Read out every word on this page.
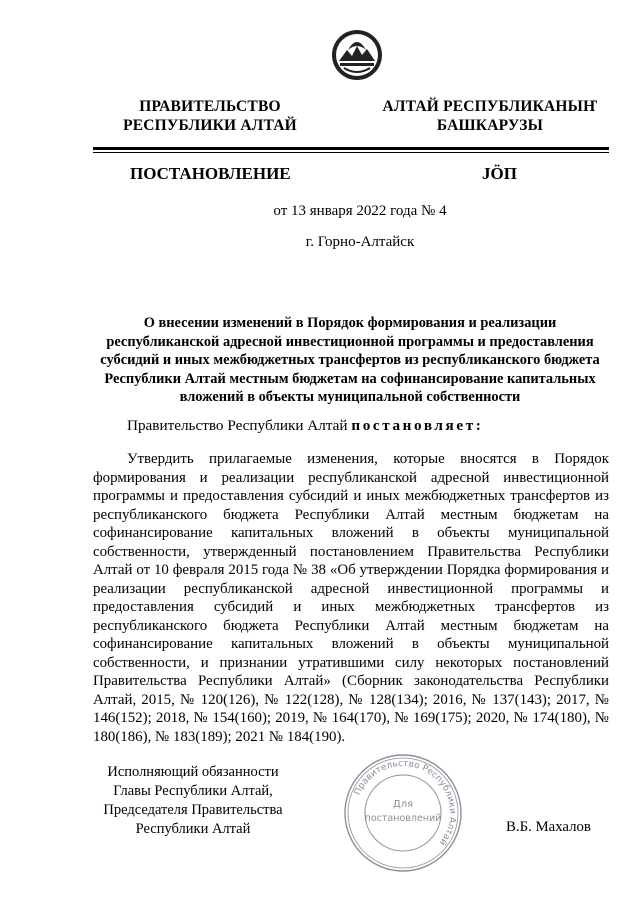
ПРАВИТЕЛЬСТВО
РЕСПУБЛИКИ АЛТАЙ
АЛТАЙ РЕСПУБЛИКАНЫҤ
БАШКАРУЗЫ
ПОСТАНОВЛЕНИЕ	JÖП
от 13 января 2022 года № 4
г. Горно-Алтайск
О внесении изменений в Порядок формирования и реализации республиканской адресной инвестиционной программы и предоставления субсидий и иных межбюджетных трансфертов из республиканского бюджета Республики Алтай местным бюджетам на софинансирование капитальных вложений в объекты муниципальной собственности
Правительство Республики Алтай постановляет:
Утвердить прилагаемые изменения, которые вносятся в Порядок формирования и реализации республиканской адресной инвестиционной программы и предоставления субсидий и иных межбюджетных трансфертов из республиканского бюджета Республики Алтай местным бюджетам на софинансирование капитальных вложений в объекты муниципальной собственности, утвержденный постановлением Правительства Республики Алтай от 10 февраля 2015 года № 38 «Об утверждении Порядка формирования и реализации республиканской адресной инвестиционной программы и предоставления субсидий и иных межбюджетных трансфертов из республиканского бюджета Республики Алтай местным бюджетам на софинансирование капитальных вложений в объекты муниципальной собственности, и признании утратившими силу некоторых постановлений Правительства Республики Алтай» (Сборник законодательства Республики Алтай, 2015, № 120(126), № 122(128), № 128(134); 2016, № 137(143); 2017, № 146(152); 2018, № 154(160); 2019, № 164(170), № 169(175); 2020, № 174(180), № 180(186), № 183(189); 2021 № 184(190).
Исполняющий обязанности
Главы Республики Алтай,
Председателя Правительства
Республики Алтай
Правительство Республики Алтай
Для
постановлений
В.Б. Махалов
